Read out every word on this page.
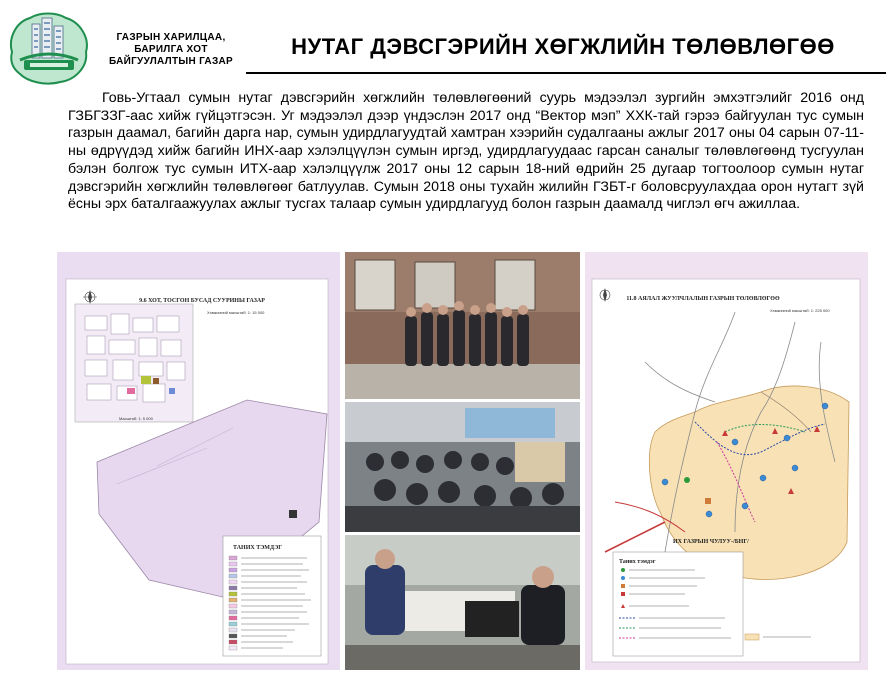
ГАЗРЫН ХАРИЛЦАА,
БАРИЛГА ХОТ
БАЙГУУЛАЛТЫН ГАЗАР
НУТАГ ДЭВСГЭРИЙН ХӨГЖЛИЙН ТӨЛӨВЛӨГӨӨ

Говь-Угтаал сумын нутаг дэвсгэрийн хөгжлийн төлөвлөгөөний суурь мэдээлэл зургийн эмхэтгэлийг 2016 онд ГЗБГЗЗГ-аас хийж гүйцэтгэсэн. Уг мэдээлэл дээр үндэслэн 2017 онд “Вектор мэп” ХХК-тай гэрээ байгуулан тус сумын газрын даамал, багийн дарга нар, сумын удирдлагуудтай хамтран хээрийн судалгааны ажлыг 2017 оны 04 сарын 07-11-ны өдрүүдэд хийж багийн ИНХ-аар хэлэлцүүлэн сумын иргэд, удирдлагуудаас гарсан саналыг төлөвлөгөөнд тусгуулан бэлэн болгож тус сумын ИТХ-аар хэлэлцүүлж 2017 оны 12 сарын 18-ний өдрийн 25 дугаар тогтоолоор сумын нутаг дэвсгэрийн хөгжлийн төлөвлөгөөг батлуулав. Сумын 2018 оны тухайн жилийн ГЗБТ-г боловсруулахдаа орон нутагт зүй ёсны эрх баталгаажуулах ажлыг тусгах талаар сумын удирдлагууд болон газрын даамалд чиглэл өгч ажиллаа.

9.6 ХОТ, ТОСГОН БУСАД СУУРИНЫ ГАЗАР
Хэмжээний масштаб: 1: 15 000
Масштаб: 1: 5 000
ТАНИХ ТЭМДЭГ
11.8 АЯЛАЛ ЖУУЛЧЛАЛЫН ГАЗРЫН ТӨЛӨВЛӨГӨӨ
Хэмжээний масштаб: 1: 225 000
ИХ ГАЗРЫН ЧУЛУУ-/БНГ/
Таних тэмдэг
